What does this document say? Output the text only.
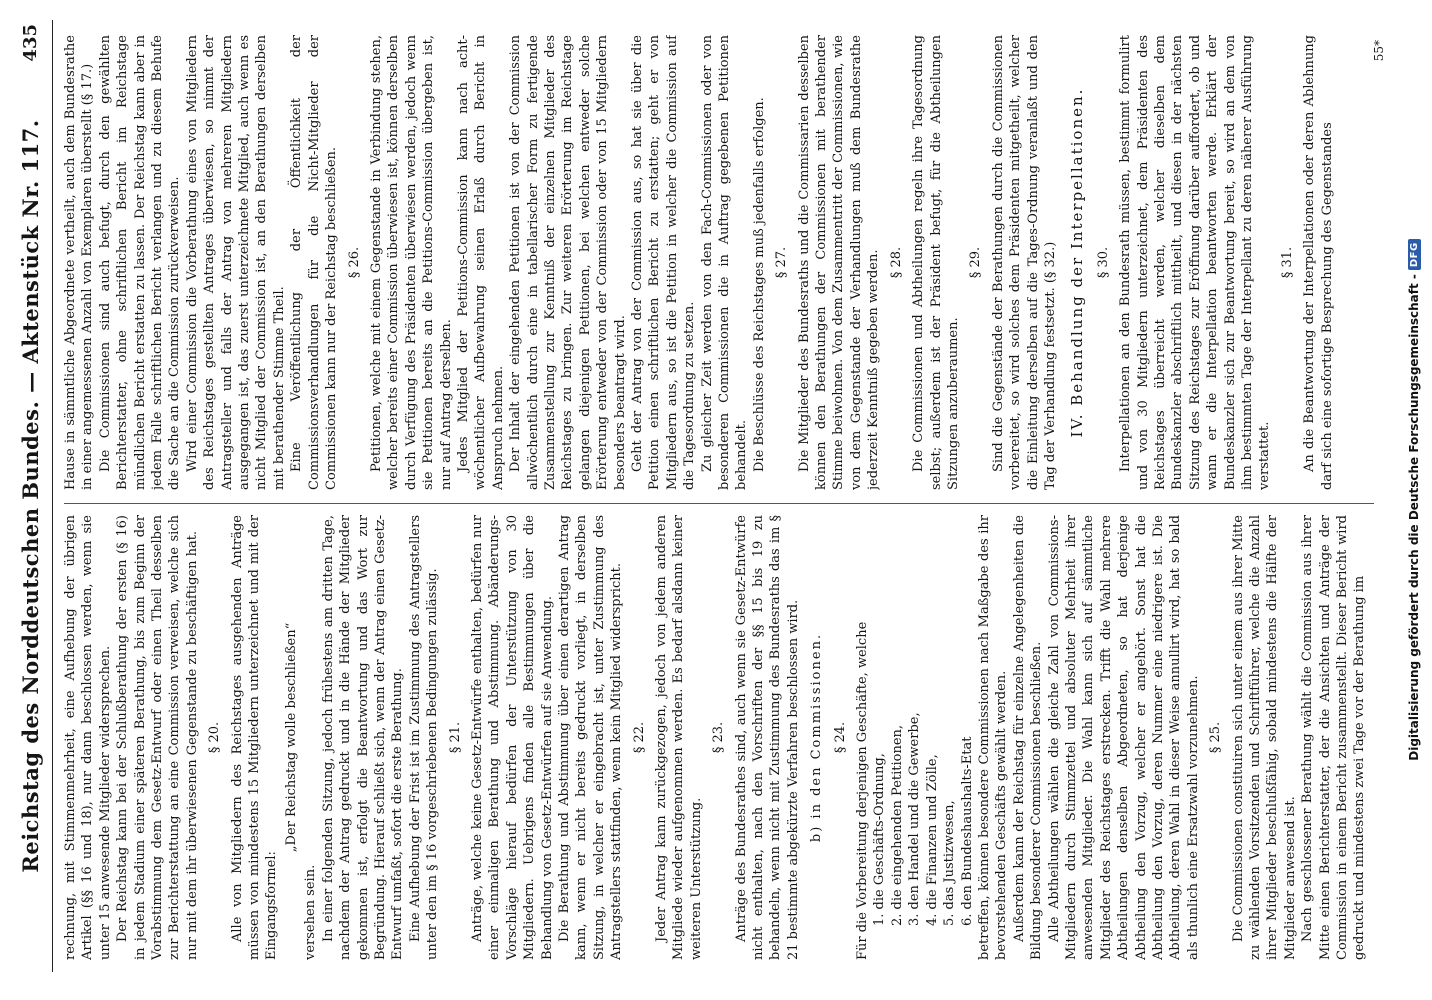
Reichstag des Norddeutschen Bundes. — Aktenstück Nr. 117.
435

rechnung, mit Stimmenmehrheit, eine Aufhebung der übrigen Artikel (§§ 16 und 18), nur dann beschlossen werden, wenn sie unter 15 anwesende Mitglieder widersprechen. Der Reichstag kann bei der Schlußberathung der ersten (§ 16) in jedem Stadium einer späteren Berathung, bis zum Beginn der Vorabstimmung dem Gesetz-Entwurf oder einen Theil desselben zur Berichterstattung an eine Commission verweisen, welche sich nur mit dem ihr überwiesenen Gegenstande zu beschäftigen hat. § 20. Alle von Mitgliedern des Reichstages ausgehenden Anträge müssen von mindestens 15 Mitgliedern unterzeichnet und mit der Eingangsformel:

„Der Reichstag wolle beschließen“

versehen sein. In einer folgenden Sitzung, jedoch frühestens am dritten Tage, nachdem der Antrag gedruckt und in die Hände der Mitglieder gekommen ist, erfolgt die Beantwortung und das Wort zur Begründung. Hierauf schließt sich, wenn der Antrag einen Gesetz-Entwurf umfaßt, sofort die erste Berathung. Eine Aufhebung der Frist ist im Zustimmung des Antragstellers unter den im § 16 vorgeschriebenen Bedingungen zulässig. § 21. Anträge, welche keine Gesetz-Entwürfe enthalten, bedürfen nur einer einmaligen Berathung und Abstimmung. Abänderungs-Vorschläge hierauf bedürfen der Unterstützung von 30 Mitgliedern. Uebrigens finden alle Bestimmungen über die Behandlung von Gesetz-Entwürfen auf sie Anwendung. Die Berathung und Abstimmung über einen derartigen Antrag kann, wenn er nicht bereits gedruckt vorliegt, in derselben Sitzung, in welcher er eingebracht ist, unter Zustimmung des Antragstellers stattfinden, wenn kein Mitglied widerspricht. § 22. Jeder Antrag kann zurückgezogen, jedoch von jedem anderen Mitgliede wieder aufgenommen werden. Es bedarf alsdann keiner weiteren Unterstützung.

§ 23. Anträge des Bundesrathes sind, auch wenn sie Gesetz-Entwürfe nicht enthalten, nach den Vorschriften der §§ 15 bis 19 zu behandeln, wenn nicht mit Zustimmung des Bundesraths das im § 21 bestimmte abgekürzte Verfahren beschlossen wird. b) in den Commissionen. § 24. Für die Vorbereitung derjenigen Geschäfte, welche 1. die Geschäfts-Ordnung, 2. die eingehenden Petitionen, 3. den Handel und die Gewerbe, 4. die Finanzen und Zölle, 5. das Justizwesen, 6. den Bundeshaushalts-Etat betreffen, können besondere Commissionen nach Maßgabe des ihr bevorstehenden Geschäfts gewählt werden. Außerdem kann der Reichstag für einzelne Angelegenheiten die Bildung besonderer Commissionen beschließen. Alle Abtheilungen wählen die gleiche Zahl von Commissions-Mitgliedern durch Stimmzettel und absoluter Mehrheit ihrer anwesenden Mitglieder. Die Wahl kann sich auf sämmtliche Mitglieder des Reichstages erstrecken. Trifft die Wahl mehrere Abtheilungen denselben Abgeordneten, so hat derjenige Abtheilung den Vorzug, welcher er angehört. Sonst hat die Abtheilung den Vorzug, deren Nummer eine niedrigere ist. Die Abtheilung, deren Wahl in dieser Weise annullirt wird, hat so bald als thunlich eine Ersatzwahl vorzunehmen. § 25. Die Commissionen constituiren sich unter einem aus ihrer Mitte zu wählenden Vorsitzenden und Schriftführer, welche die Anzahl ihrer Mitglieder beschlußfähig, sobald mindestens die Hälfte der Mitglieder anwesend ist. Nach geschlossener Berathung wählt die Commission aus ihrer Mitte einen Berichterstatter, der die Ansichten und Anträge der Commission in einem Bericht zusammenstellt. Dieser Bericht wird gedruckt und mindestens zwei Tage vor der Berathung im

Hause in sämmtliche Abgeordnete vertheilt, auch dem Bundesrathe in einer angemessenen Anzahl von Exemplaren überstellt (§ 17.) Die Commissionen sind auch befugt, durch den gewählten Berichterstatter, ohne schriftlichen Bericht im Reichstage mündlichen Bericht erstatten zu lassen. Der Reichstag kann aber in jedem Falle schriftlichen Bericht verlangen und zu diesem Behufe die Sache an die Commission zurückverweisen. Wird einer Commission die Vorberathung eines von Mitgliedern des Reichstages gestellten Antrages überwiesen, so nimmt der Antragsteller und falls der Antrag von mehreren Mitgliedern ausgegangen ist, das zuerst unterzeichnete Mitglied, auch wenn es nicht Mitglied der Commission ist, an den Berathungen derselben mit berathender Stimme Theil. Eine Veröffentlichung der Öffentlichkeit der Commissionsverhandlungen für die Nicht-Mitglieder der Commissionen kann nur der Reichstag beschließen. § 26. Petitionen, welche mit einem Gegenstande in Verbindung stehen, welcher bereits einer Commission überwiesen ist, können derselben durch Verfügung des Präsidenten überwiesen werden, jedoch wenn sie Petitionen bereits an die Petitions-Commission übergeben ist, nur auf Antrag derselben. Jedes Mitglied der Petitions-Commission kann nach acht-wöchentlicher Aufbewahrung seinen Erlaß durch Bericht in Anspruch nehmen. Der Inhalt der eingehenden Petitionen ist von der Commission allwöchentlich durch eine in tabellarischer Form zu fertigende Zusammenstellung zur Kenntniß der einzelnen Mitglieder des Reichstages zu bringen. Zur weiteren Erörterung im Reichstage gelangen diejenigen Petitionen, bei welchen entweder solche Erörterung entweder von der Commission oder von 15 Mitgliedern besonders beantragt wird. Geht der Antrag von der Commission aus, so hat sie über die Petition einen schriftlichen Bericht zu erstatten; geht er von Mitgliedern aus, so ist die Petition in welcher die Commission auf die Tagesordnung zu setzen. Zu gleicher Zeit werden von den Fach-Commissionen oder von besonderen Commissionen die in Auftrag gegebenen Petitionen behandelt. Die Beschlüsse des Reichstages muß jedenfalls erfolgen. § 27. Die Mitglieder des Bundesraths und die Commissarien desselben können den Berathungen der Commissionen mit berathender Stimme beiwohnen. Von dem Zusammentritt der Commissionen, wie von dem Gegenstande der Verhandlungen muß dem Bundesrathe jederzeit Kenntniß gegeben werden. § 28. Die Commissionen und Abtheilungen regeln ihre Tagesordnung selbst; außerdem ist der Präsident befugt, für die Abtheilungen Sitzungen anzuberaumen.

§ 29. Sind die Gegenstände der Berathungen durch die Commissionen vorbereitet, so wird solches dem Präsidenten mitgetheilt, welcher die Einleitung derselben auf die Tages-Ordnung veranlaßt und den Tag der Verhandlung festsetzt. (§ 32.) IV. Behandlung der Interpellationen. § 30. Interpellationen an den Bundesrath müssen, bestimmt formulirt und von 30 Mitgliedern unterzeichnet, dem Präsidenten des Reichstages überreicht werden, welcher dieselben dem Bundeskanzler abschriftlich mittheilt, und diesen in der nächsten Sitzung des Reichstages zur Eröffnung darüber auffordert, ob und wann er die Interpellation beantworten werde. Erklärt der Bundeskanzler sich zur Beantwortung bereit, so wird an dem von ihm bestimmten Tage der Interpellant zu deren näherer Ausführung verstattet.

§ 31. An die Beantwortung der Interpellationen oder deren Ablehnung darf sich eine sofortige Besprechung des Gegenstandes

55*
Digitalisierung gefördert durch die Deutsche Forschungsgemeinschaft -
DFG
